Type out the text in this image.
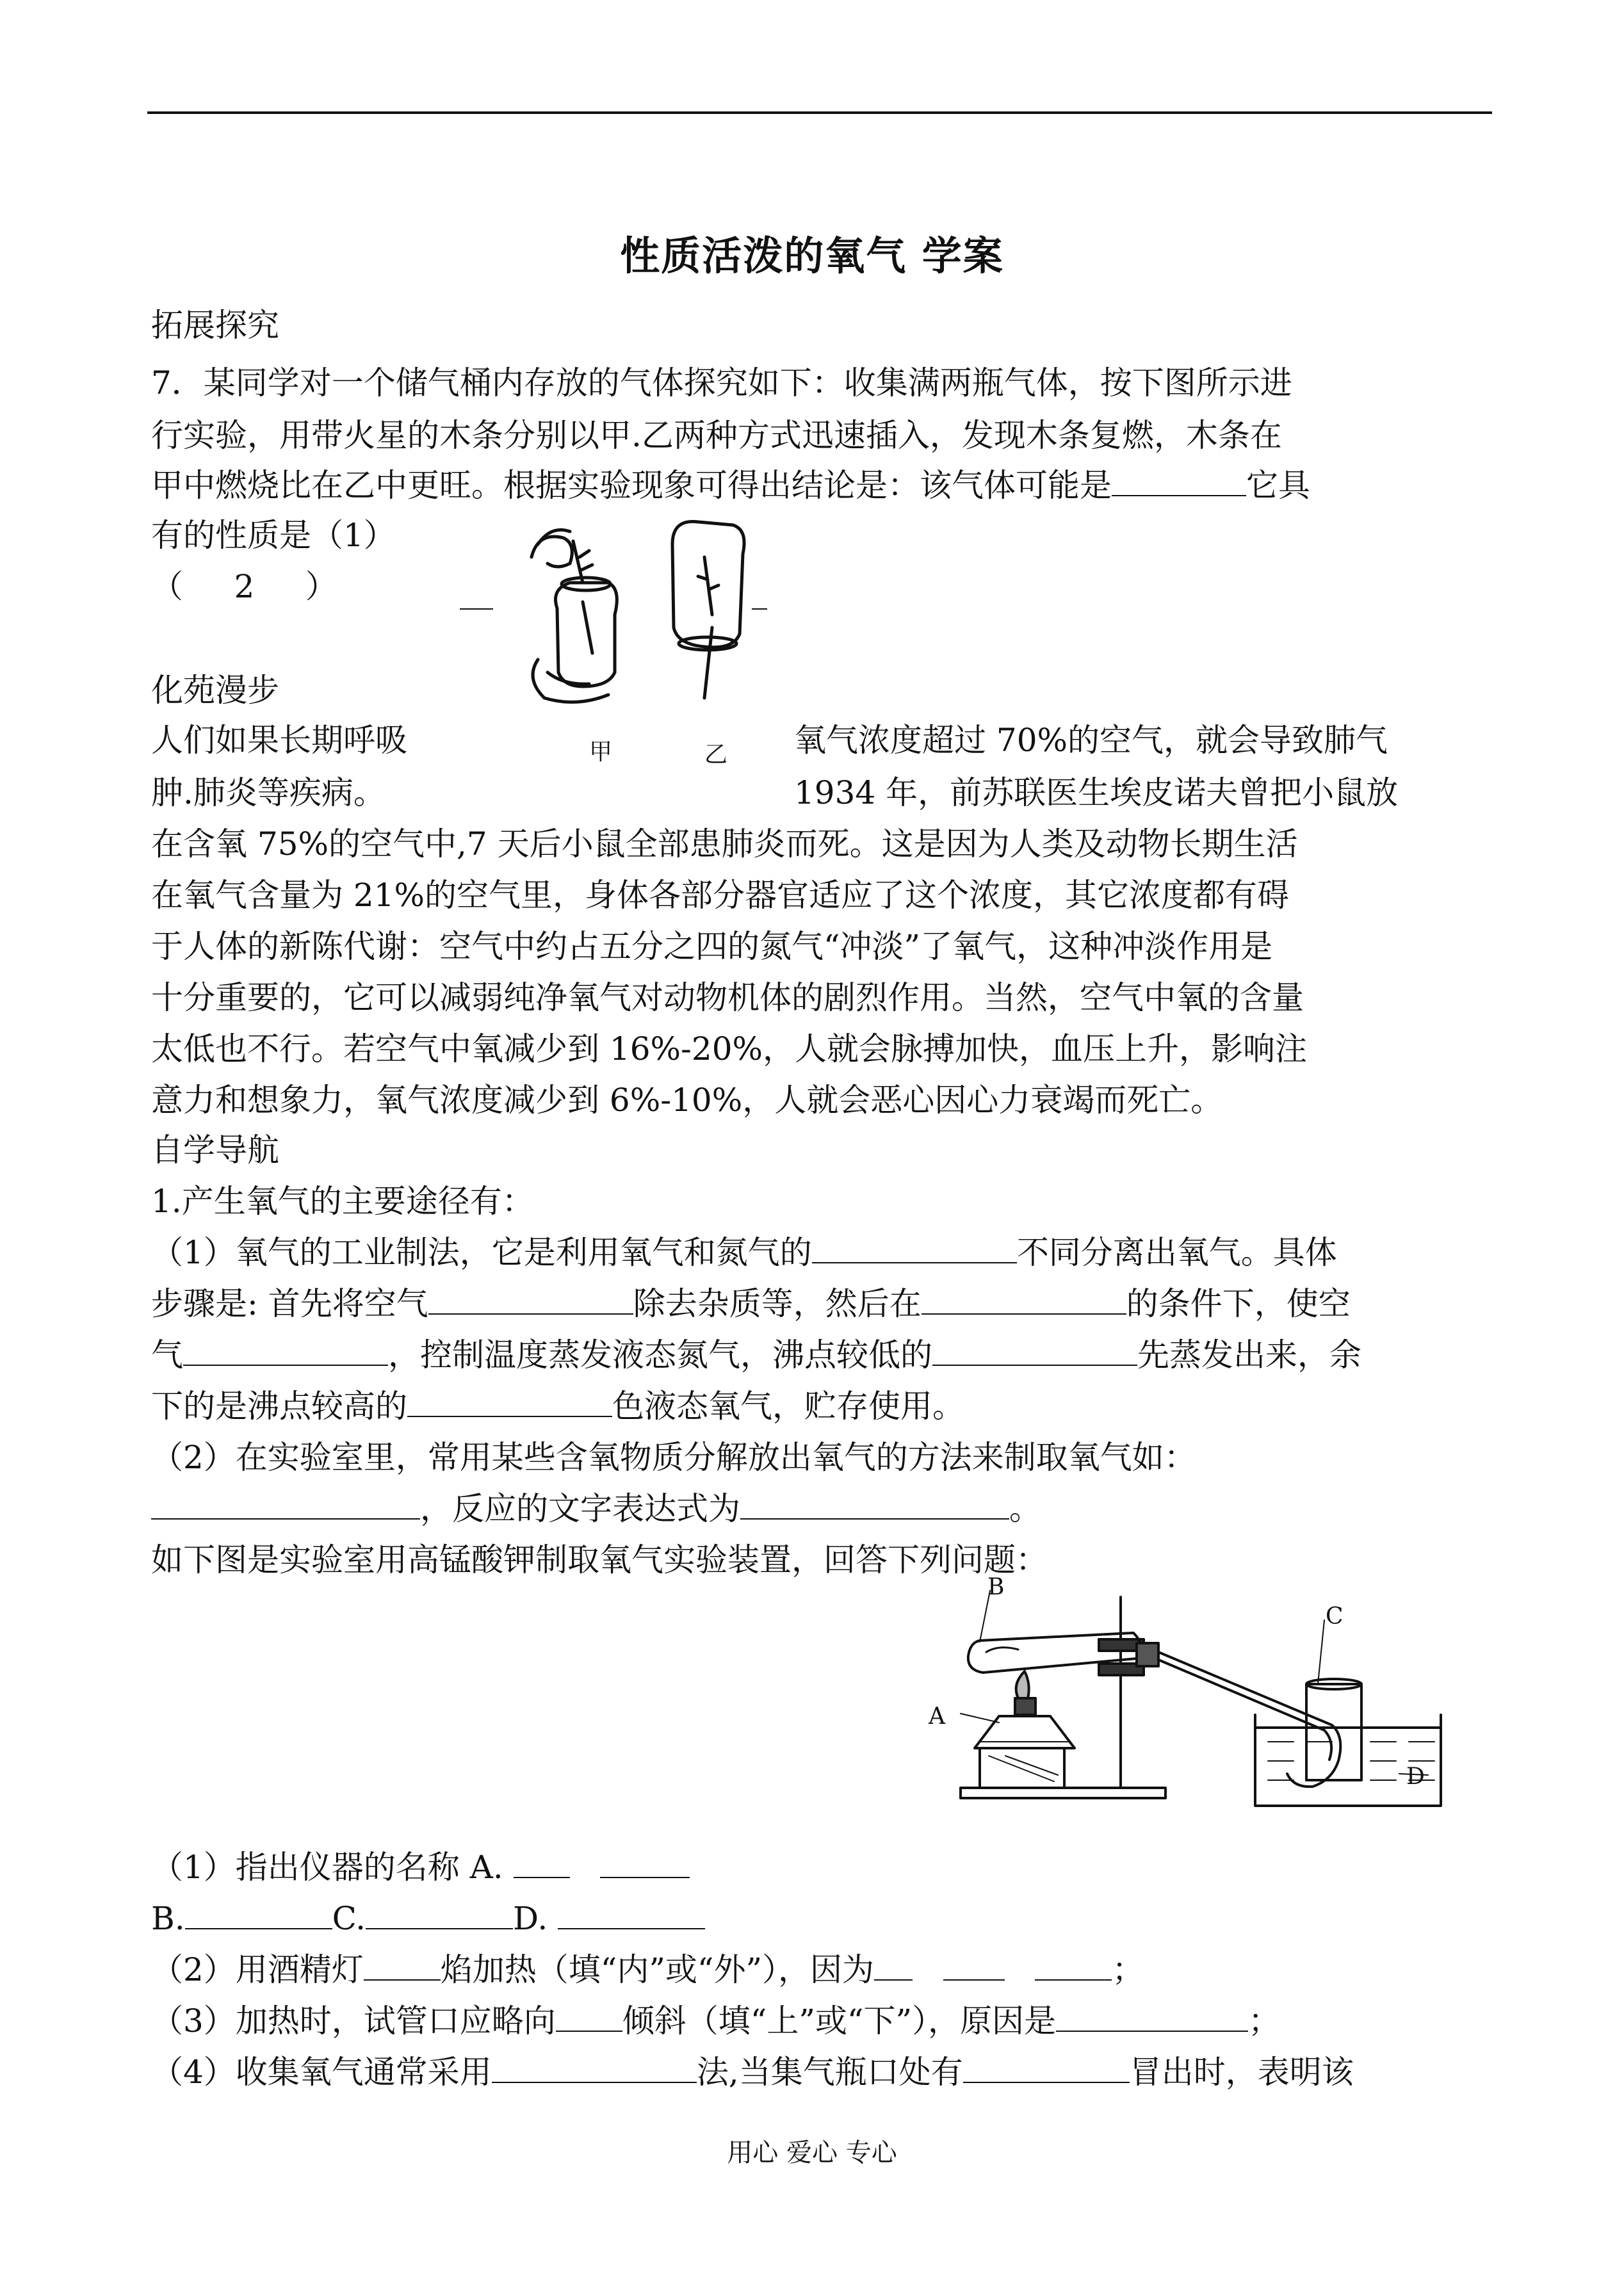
性质活泼的氧气 学案
拓展探究
7．某同学对一个储气桶内存放的气体探究如下：收集满两瓶气体，按下图所示进
行实验，用带火星的木条分别以甲.乙两种方式迅速插入，发现木条复燃，木条在
甲中燃烧比在乙中更旺。根据实验现象可得出结论是：该气体可能是	它具
有的性质是（1）
（     2     ）
甲	乙
化苑漫步
人们如果长期呼吸	氧气浓度超过 70%的空气，就会导致肺气
肿.肺炎等疾病。	1934 年，前苏联医生埃皮诺夫曾把小鼠放
在含氧 75%的空气中,7 天后小鼠全部患肺炎而死。这是因为人类及动物长期生活
在氧气含量为 21%的空气里，身体各部分器官适应了这个浓度，其它浓度都有碍
于人体的新陈代谢：空气中约占五分之四的氮气“冲淡”了氧气，这种冲淡作用是
十分重要的，它可以减弱纯净氧气对动物机体的剧烈作用。当然，空气中氧的含量
太低也不行。若空气中氧减少到 16%-20%，人就会脉搏加快，血压上升，影响注
意力和想象力，氧气浓度减少到 6%-10%，人就会恶心因心力衰竭而死亡。
自学导航
1.产生氧气的主要途径有：
（1）氧气的工业制法，它是利用氧气和氮气的	不同分离出氧气。具体
步骤是: 首先将空气	除去杂质等，然后在	的条件下，使空
气	，控制温度蒸发液态氮气，沸点较低的	先蒸发出来，余
下的是沸点较高的	色液态氧气，贮存使用。
（2）在实验室里，常用某些含氧物质分解放出氧气的方法来制取氧气如：
，反应的文字表达式为	。
如下图是实验室用高锰酸钾制取氧气实验装置，回答下列问题：
B
A
C
D
（1）指出仪器的名称 A.
B.	C.	D.
（2）用酒精灯 焰加热（填“内”或“外”），因为	；
（3）加热时，试管口应略向 倾斜（填“上”或“下”），原因是	；
（4）收集氧气通常采用	法,当集气瓶口处有	冒出时，表明该
用心 爱心 专心
